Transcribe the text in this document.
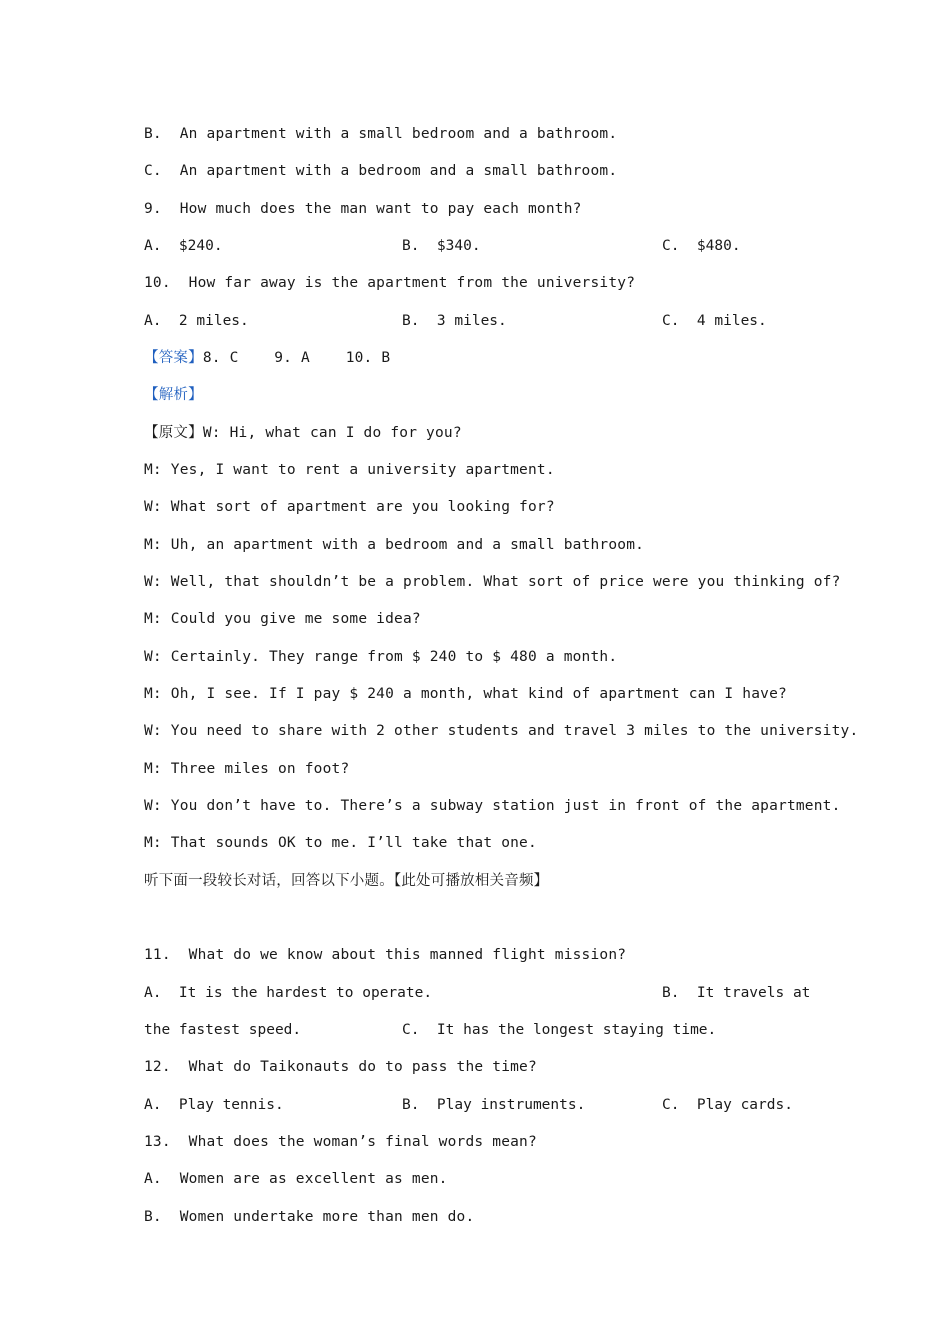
B.  An apartment with a small bedroom and a bathroom.
C.  An apartment with a bedroom and a small bathroom.
9.  How much does the man want to pay each month?
A.  $240.	B.  $340.	C.  $480.
10.  How far away is the apartment from the university?
A.  2 miles.	B.  3 miles.	C.  4 miles.
【答案】8. C    9. A    10. B
【解析】
【原文】W: Hi, what can I do for you?
M: Yes, I want to rent a university apartment.
W: What sort of apartment are you looking for?
M: Uh, an apartment with a bedroom and a small bathroom.
W: Well, that shouldn’t be a problem. What sort of price were you thinking of?
M: Could you give me some idea?
W: Certainly. They range from $ 240 to $ 480 a month.
M: Oh, I see. If I pay $ 240 a month, what kind of apartment can I have?
W: You need to share with 2 other students and travel 3 miles to the university.
M: Three miles on foot?
W: You don’t have to. There’s a subway station just in front of the apartment.
M: That sounds OK to me. I’ll take that one.
听下面一段较长对话，回答以下小题。【此处可播放相关音频】
11.  What do we know about this manned flight mission?
A.  It is the hardest to operate.	B.  It travels at
the fastest speed.	C.  It has the longest staying time.
12.  What do Taikonauts do to pass the time?
A.  Play tennis.	B.  Play instruments.	C.  Play cards.
13.  What does the woman’s final words mean?
A.  Women are as excellent as men.
B.  Women undertake more than men do.
